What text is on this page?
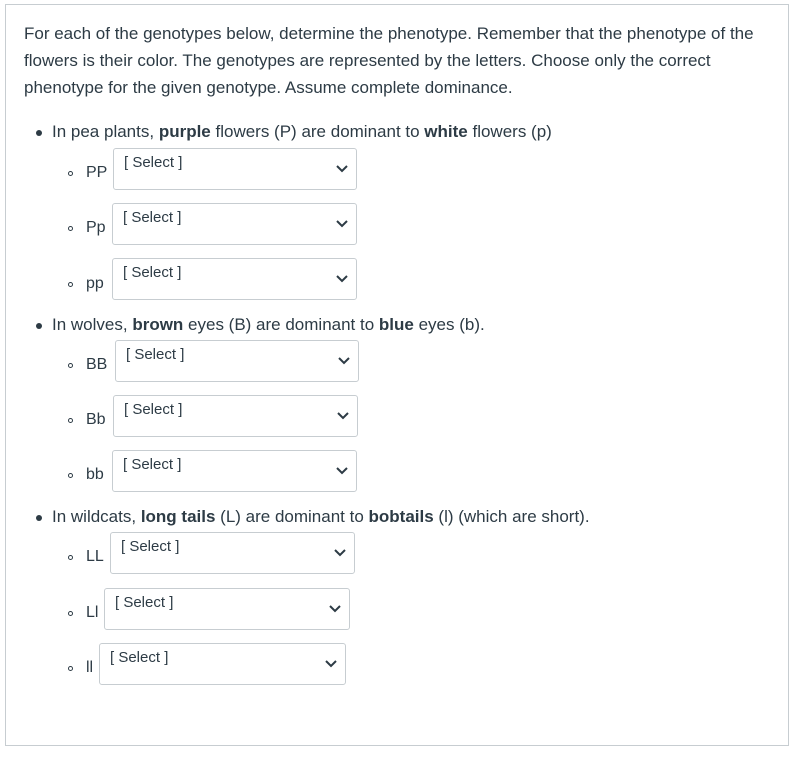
For each of the genotypes below, determine the phenotype. Remember that the phenotype of the flowers is their color. The genotypes are represented by the letters. Choose only the correct phenotype for the given genotype. Assume complete dominance.

In pea plants, purple flowers (P) are dominant to white flowers (p)
PP
[ Select ]
Pp
[ Select ]
pp
[ Select ]
In wolves, brown eyes (B) are dominant to blue eyes (b).
BB
[ Select ]
Bb
[ Select ]
bb
[ Select ]
In wildcats, long tails (L) are dominant to bobtails (l) (which are short).
LL
[ Select ]
Ll
[ Select ]
ll
[ Select ]
